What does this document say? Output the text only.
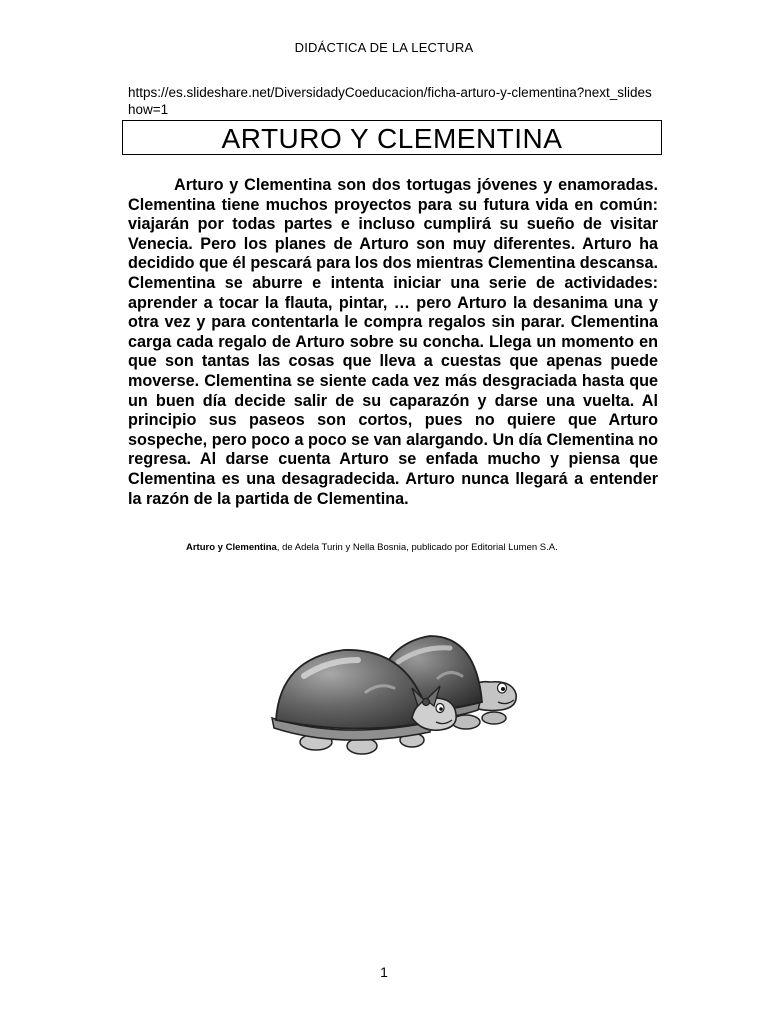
DIDÁCTICA DE LA LECTURA
https://es.slideshare.net/DiversidadyCoeducacion/ficha-arturo-y-clementina?next_slideshow=1
ARTURO Y CLEMENTINA

Arturo y Clementina son dos tortugas jóvenes y enamoradas. Clementina tiene muchos proyectos para su futura vida en común: viajarán por todas partes e incluso cumplirá su sueño de visitar Venecia. Pero los planes de Arturo son muy diferentes. Arturo ha decidido que él pescará para los dos mientras Clementina descansa. Clementina se aburre e intenta iniciar una serie de actividades: aprender a tocar la flauta, pintar, … pero Arturo la desanima una y otra vez y para contentarla le compra regalos sin parar. Clementina carga cada regalo de Arturo sobre su concha. Llega un momento en que son tantas las cosas que lleva a cuestas que apenas puede moverse. Clementina se siente cada vez más desgraciada hasta que un buen día decide salir de su caparazón y darse una vuelta. Al principio sus paseos son cortos, pues no quiere que Arturo sospeche, pero poco a poco se van alargando. Un día Clementina no regresa. Al darse cuenta Arturo se enfada mucho y piensa que Clementina es una desagradecida. Arturo nunca llegará a entender la razón de la partida de Clementina.

Arturo y Clementina, de Adela Turin y Nella Bosnia, publicado por Editorial Lumen S.A.
1
